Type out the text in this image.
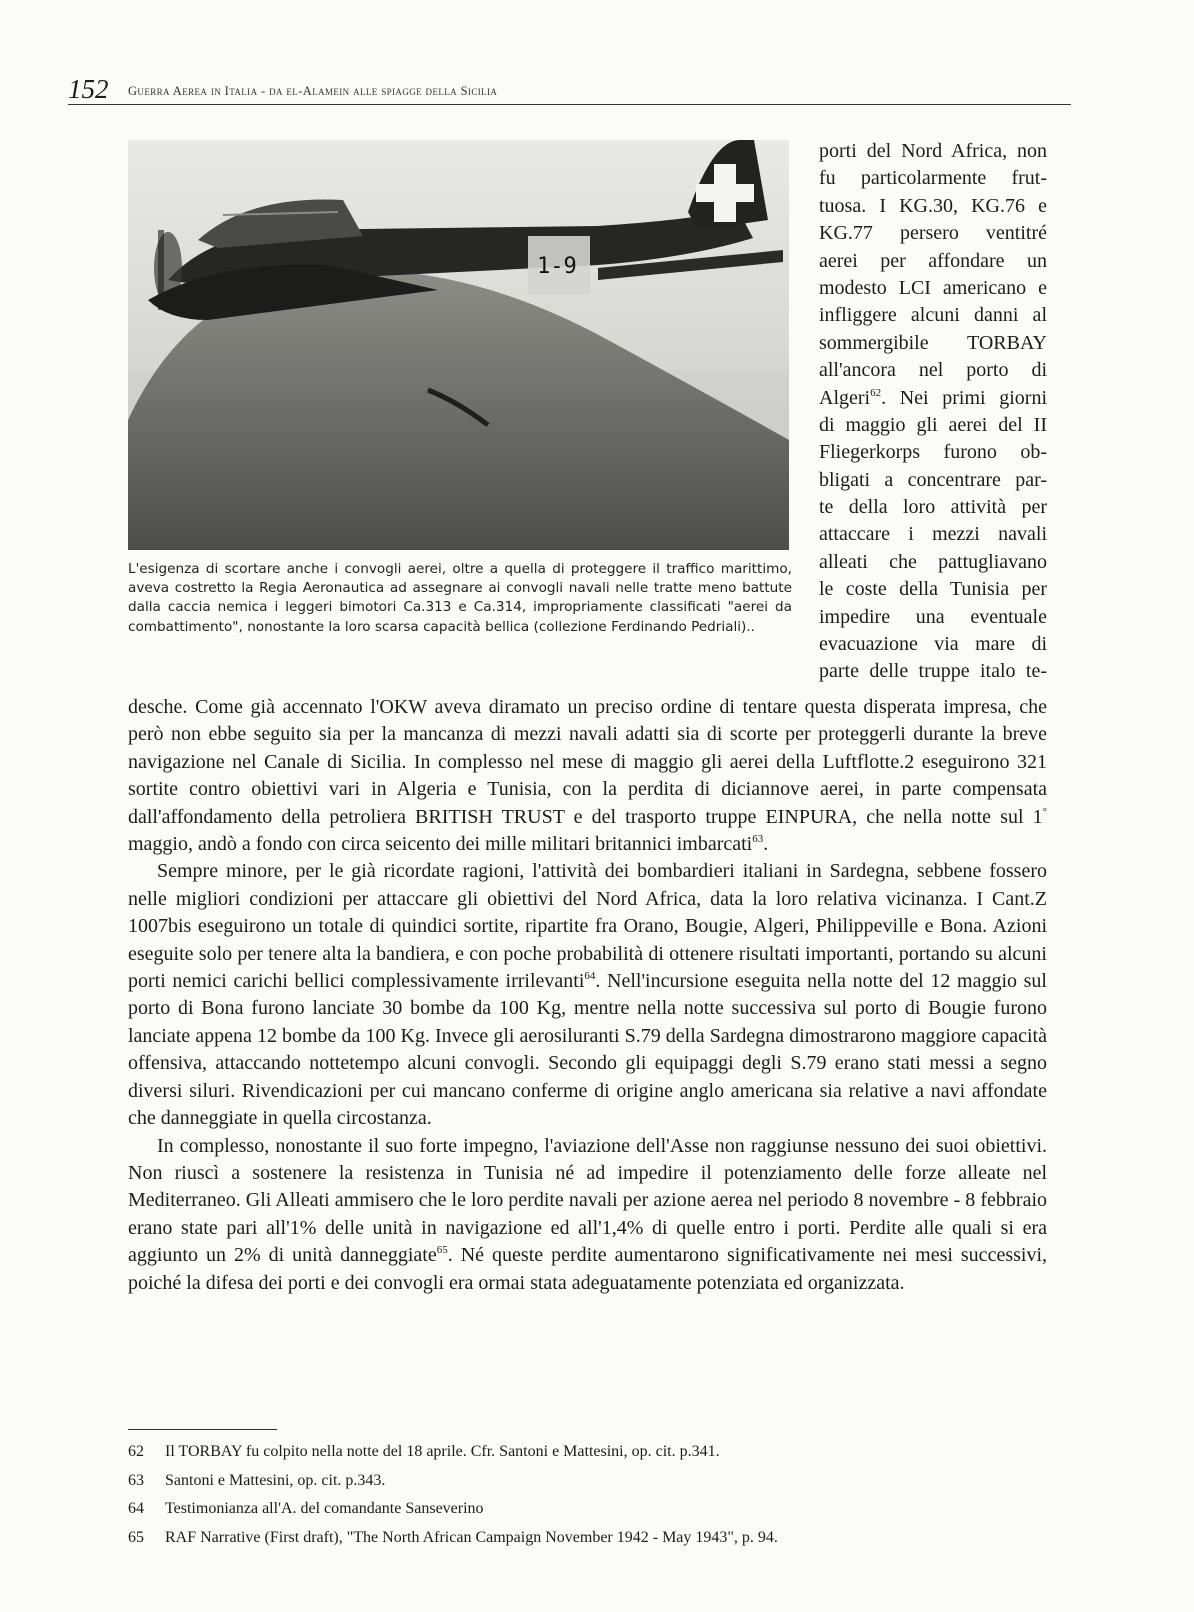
152 Guerra Aerea in Italia - da el-Alamein alle spiagge della Sicilia
1-9
L'esigenza di scortare anche i convogli aerei, oltre a quella di proteggere il traffico marittimo, aveva costretto la Regia Aeronautica ad assegnare ai convogli navali nelle tratte meno battute dalla caccia nemica i leggeri bimotori Ca.313 e Ca.314, impropriamente classificati "aerei da combattimento", nonostante la loro scarsa capacità bellica (collezione Ferdinando Pedriali)..
porti del Nord Africa, non
fu particolarmente frut-
tuosa. I KG.30, KG.76 e
KG.77 persero ventitré
aerei per affondare un
modesto LCI americano e
infliggere alcuni danni al
sommergibile TORBAY
all'ancora nel porto di
Algeri$^{62}$. Nei primi giorni
di maggio gli aerei del II
Fliegerkorps furono ob-
bligati a concentrare par-
te della loro attività per
attaccare i mezzi navali
alleati che pattugliavano
le coste della Tunisia per
impedire una eventuale
evacuazione via mare di
parte delle truppe italo te-

desche. Come già accennato l'OKW aveva diramato un preciso ordine di tentare questa disperata impresa, che però non ebbe seguito sia per la mancanza di mezzi navali adatti sia di scorte per proteggerli durante la breve navigazione nel Canale di Sicilia. In complesso nel mese di maggio gli aerei della Luftflotte.2 eseguirono 321 sortite contro obiettivi vari in Algeria e Tunisia, con la perdita di diciannove aerei, in parte compensata dall'affondamento della petroliera BRITISH TRUST e del trasporto truppe EINPURA, che nella notte sul 1° maggio, andò a fondo con circa seicento dei mille militari britannici imbarcati$^{63}$.

Sempre minore, per le già ricordate ragioni, l'attività dei bombardieri italiani in Sardegna, sebbene fossero nelle migliori condizioni per attaccare gli obiettivi del Nord Africa, data la loro relativa vicinanza. I Cant.Z 1007bis eseguirono un totale di quindici sortite, ripartite fra Orano, Bougie, Algeri, Philippeville e Bona. Azioni eseguite solo per tenere alta la bandiera, e con poche probabilità di ottenere risultati importanti, portando su alcuni porti nemici carichi bellici complessivamente irrilevanti$^{64}$. Nell'incursione eseguita nella notte del 12 maggio sul porto di Bona furono lanciate 30 bombe da 100 Kg, mentre nella notte successiva sul porto di Bougie furono lanciate appena 12 bombe da 100 Kg. Invece gli aerosiluranti S.79 della Sardegna dimostrarono maggiore capacità offensiva, attaccando nottetempo alcuni convogli. Secondo gli equipaggi degli S.79 erano stati messi a segno diversi siluri. Rivendicazioni per cui mancano conferme di origine anglo americana sia relative a navi affondate che danneggiate in quella circostanza.

In complesso, nonostante il suo forte impegno, l'aviazione dell'Asse non raggiunse nessuno dei suoi obiettivi. Non riuscì a sostenere la resistenza in Tunisia né ad impedire il potenziamento delle forze alleate nel Mediterraneo. Gli Alleati ammisero che le loro perdite navali per azione aerea nel periodo 8 novembre - 8 febbraio erano state pari all'1% delle unità in navigazione ed all'1,4% di quelle entro i porti. Perdite alle quali si era aggiunto un 2% di unità danneggiate$^{65}$. Né queste perdite aumentarono significativamente nei mesi successivi, poiché la difesa dei porti e dei convogli era ormai stata adeguatamente potenziata ed organizzata.

62	Il TORBAY fu colpito nella notte del 18 aprile. Cfr. Santoni e Mattesini, op. cit. p.341.
63	Santoni e Mattesini, op. cit. p.343.
64	Testimonianza all'A. del comandante Sanseverino
65	RAF Narrative (First draft), "The North African Campaign November 1942 - May 1943", p. 94.
